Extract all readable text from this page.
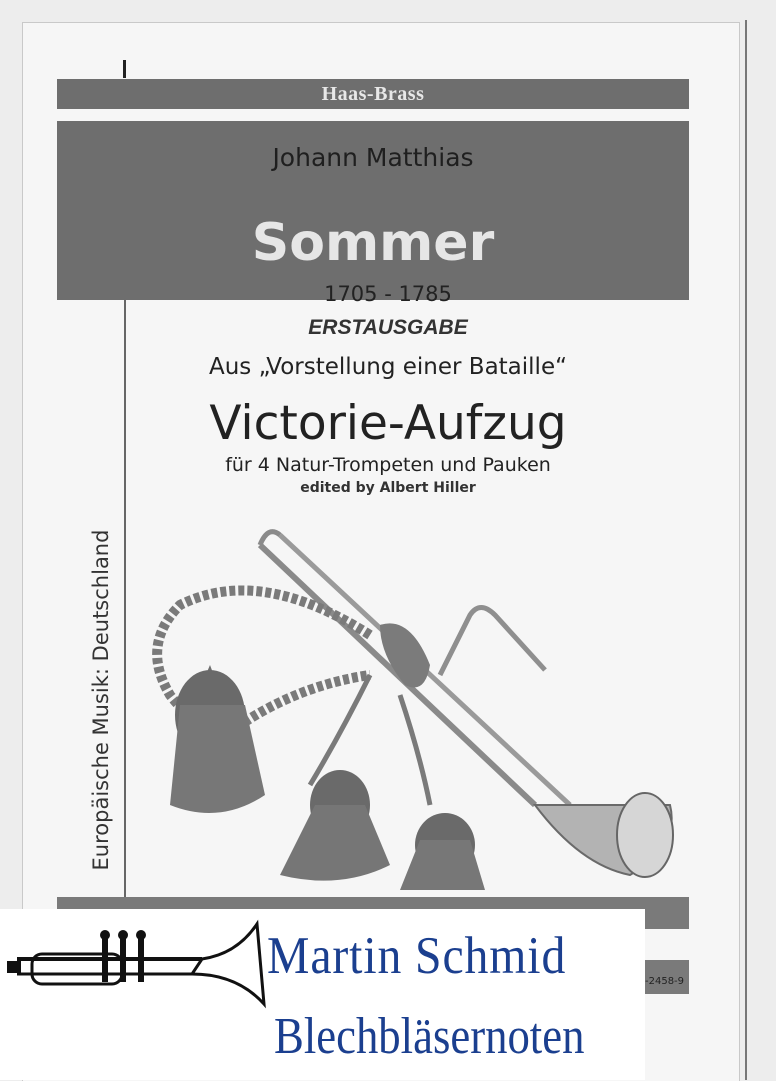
Haas-Brass
Johann Matthias
Sommer
1705 - 1785
ERSTAUSGABE
Aus „Vorstellung einer Bataille“
Victorie-Aufzug
für 4 Natur-Trompeten und Pauken
edited by Albert Hiller
Europäische Musik: Deutschland
-2458-9
Martin Schmid
Blechbläsernoten
